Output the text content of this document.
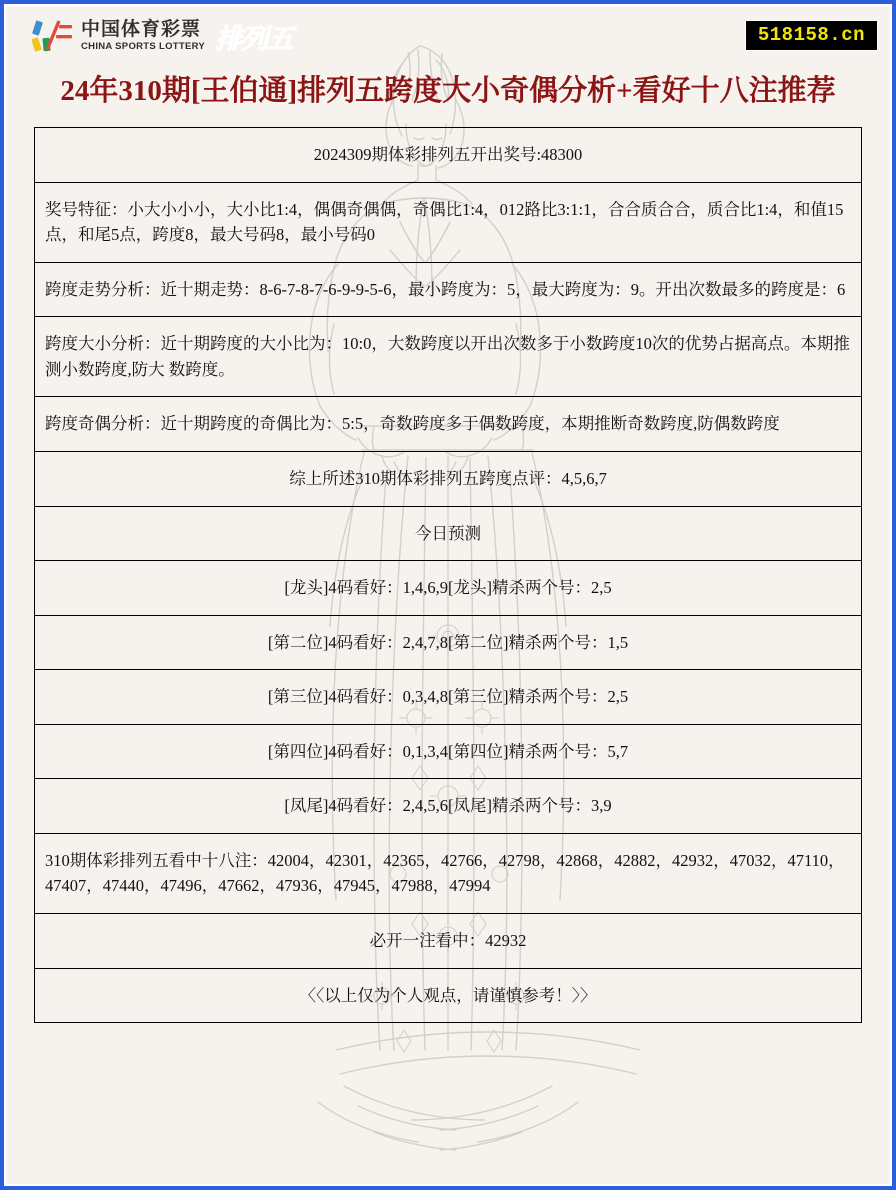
中国体育彩票
CHINA SPORTS LOTTERY 排列五	518158.cn
24年310期[王伯通]排列五跨度大小奇偶分析+看好十八注推荐
2024309期体彩排列五开出奖号:48300
奖号特征：小大小小小，大小比1:4，偶偶奇偶偶，奇偶比1:4，012路比3:1:1，合合质合合，质合比1:4，和值15点，和尾5点，跨度8，最大号码8，最小号码0
跨度走势分析：近十期走势：8-6-7-8-7-6-9-9-5-6，最小跨度为：5，最大跨度为：9。开出次数最多的跨度是：6
跨度大小分析：近十期跨度的大小比为：10:0，大数跨度以开出次数多于小数跨度10次的优势占据高点。本期推测小数跨度,防大 数跨度。
跨度奇偶分析：近十期跨度的奇偶比为：5:5，奇数跨度多于偶数跨度，本期推断奇数跨度,防偶数跨度
综上所述310期体彩排列五跨度点评：4,5,6,7
今日预测
[龙头]4码看好：1,4,6,9[龙头]精杀两个号：2,5
[第二位]4码看好：2,4,7,8[第二位]精杀两个号：1,5
[第三位]4码看好：0,3,4,8[第三位]精杀两个号：2,5
[第四位]4码看好：0,1,3,4[第四位]精杀两个号：5,7
[凤尾]4码看好：2,4,5,6[凤尾]精杀两个号：3,9
310期体彩排列五看中十八注：42004，42301，42365，42766，42798，42868，42882，42932，47032，47110，47407，47440，47496，47662，47936，47945，47988，47994
必开一注看中：42932
〈〈以上仅为个人观点，请谨慎参考！〉〉
